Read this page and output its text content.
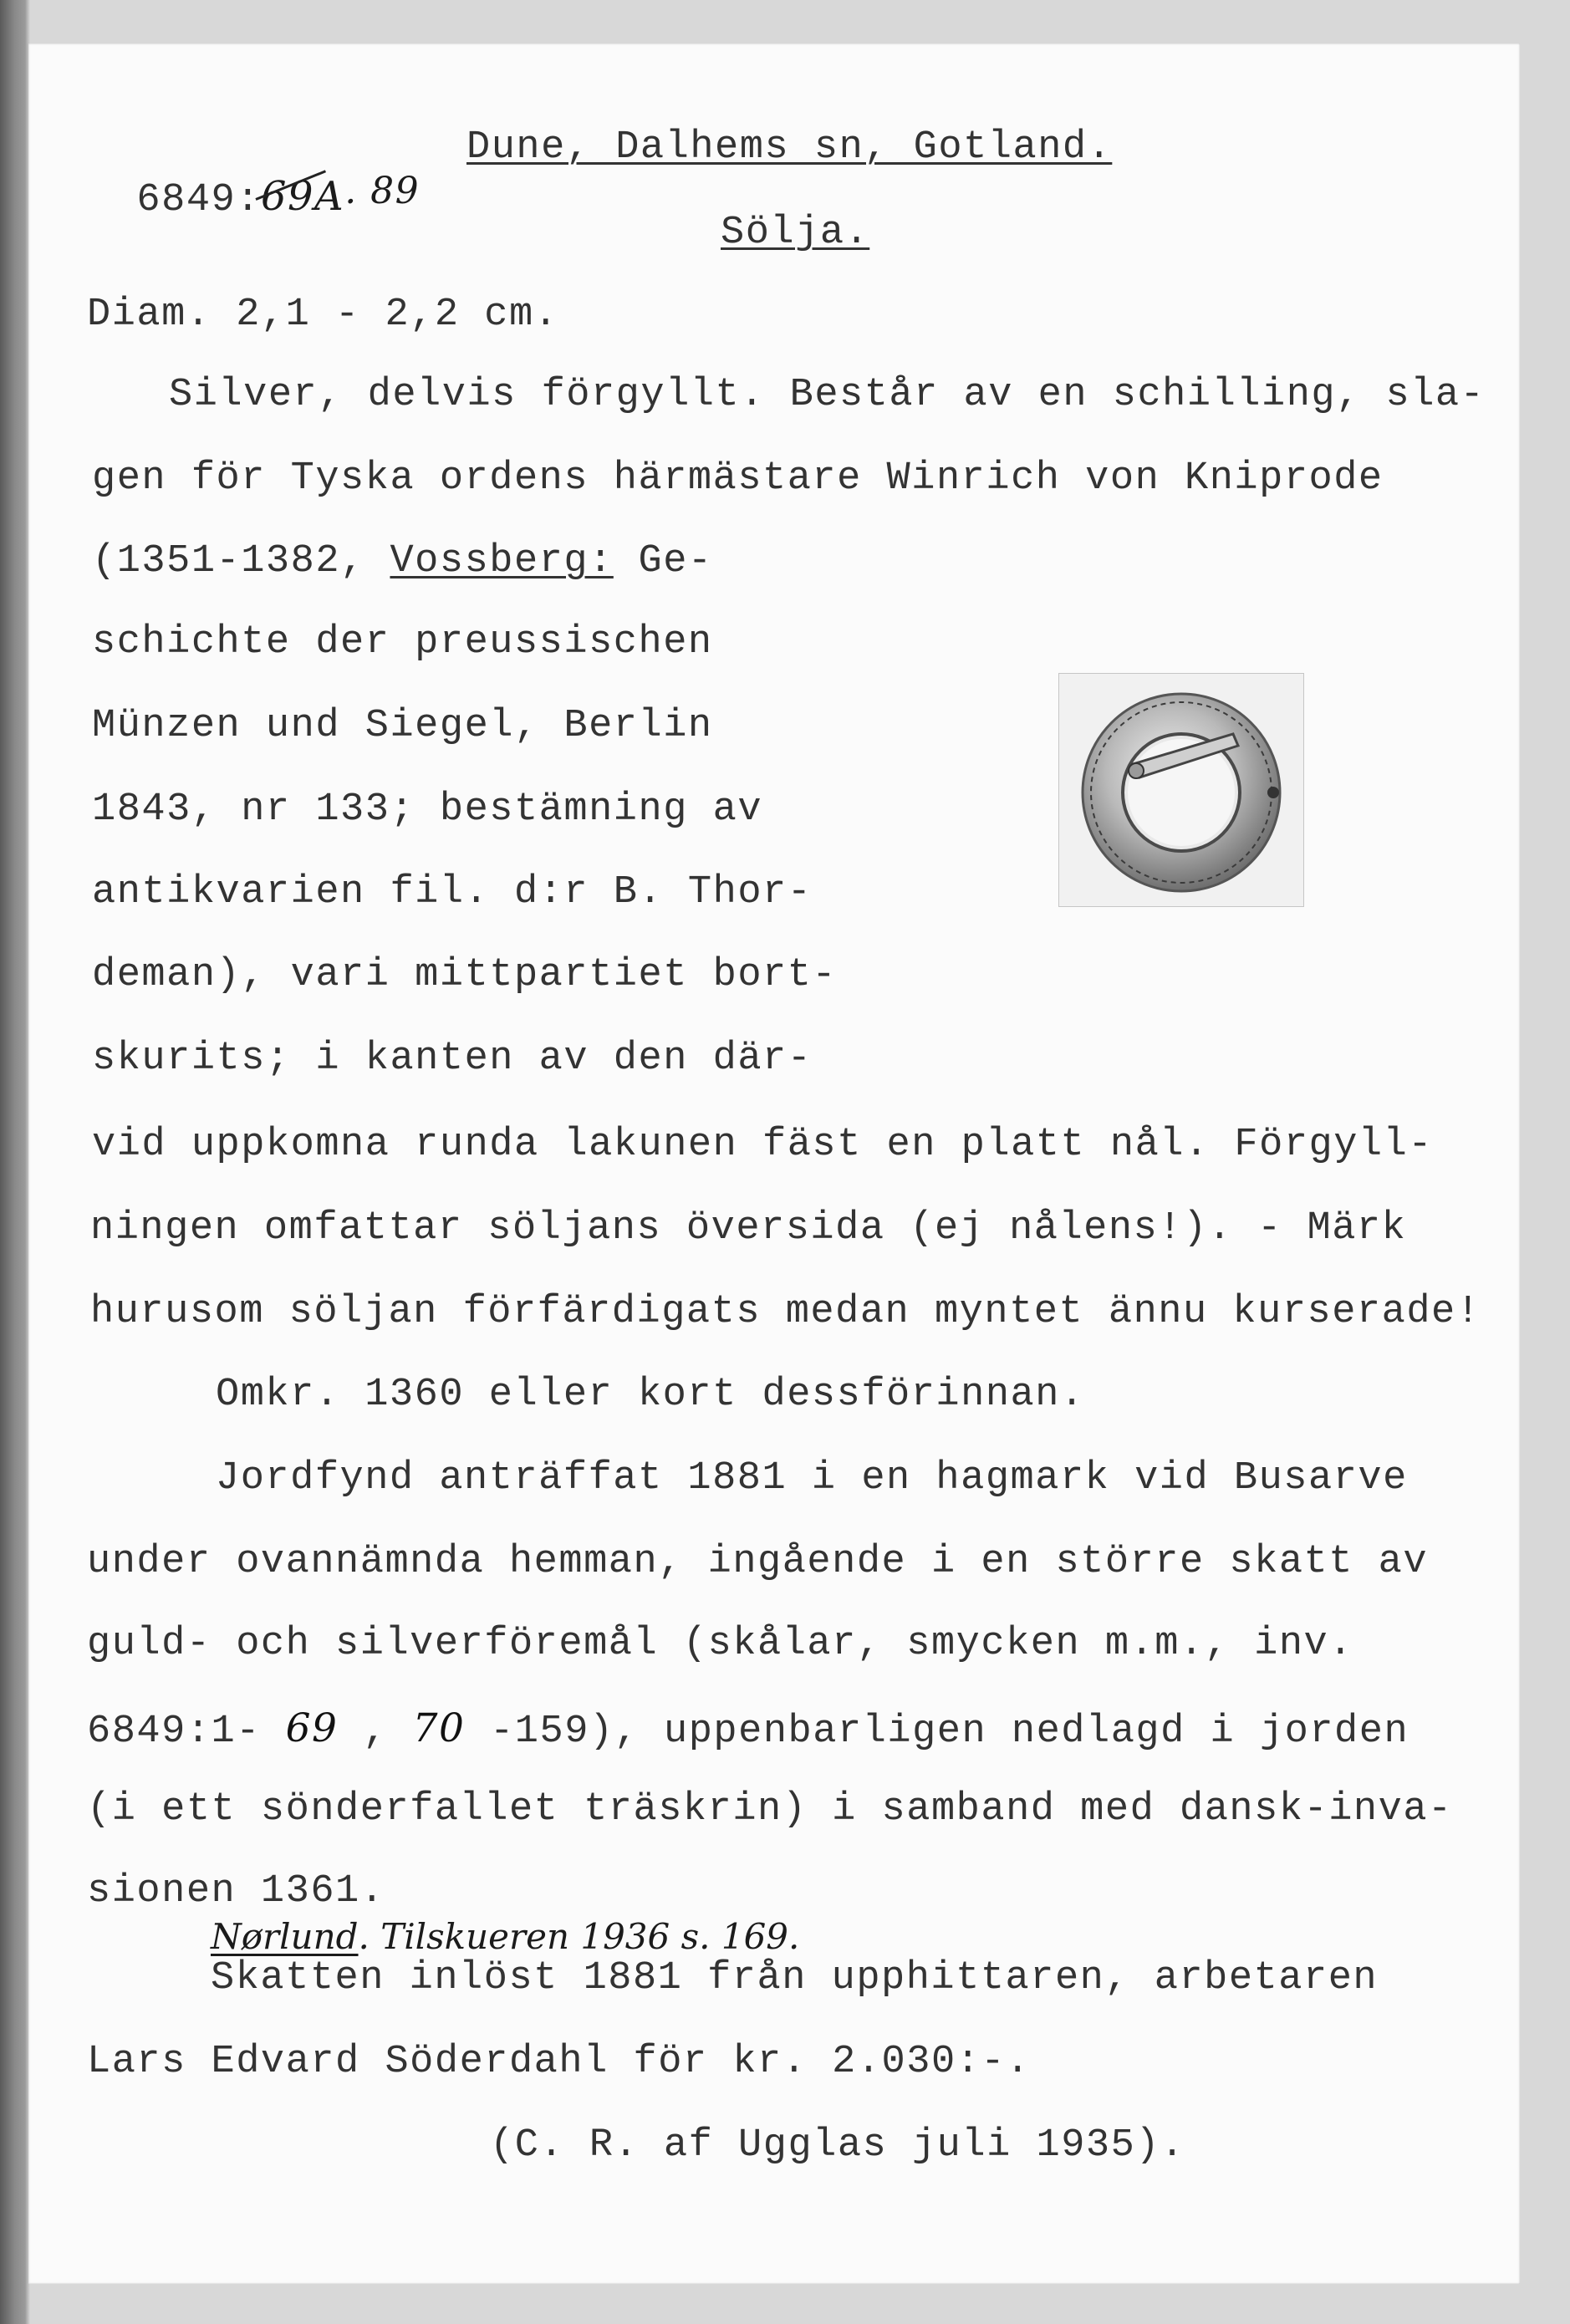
6849:69A
. 89

Dune, Dalhems sn, Gotland.
Sölja.
Diam. 2,1 - 2,2 cm.
Silver, delvis förgyllt. Består av en schilling, sla-
gen för Tyska ordens härmästare Winrich von Kniprode
(1351-1382, Vossberg: Ge-
schichte der preussischen
Münzen und Siegel, Berlin
1843, nr 133; bestämning av
antikvarien fil. d:r B. Thor-
deman), vari mittpartiet bort-
skurits; i kanten av den där-
vid uppkomna runda lakunen fäst en platt nål. Förgyll-
ningen omfattar söljans översida (ej nålens!). - Märk
hurusom söljan förfärdigats medan myntet ännu kurserade!
Omkr. 1360 eller kort dessförinnan.
Jordfynd anträffat 1881 i en hagmark vid Busarve
under ovannämnda hemman, ingående i en större skatt av
guld- och silverföremål (skålar, smycken m.m., inv.
6849:1- 69 , 70 -159), uppenbarligen nedlagd i jorden
(i ett sönderfallet träskrin) i samband med dansk-inva-
sionen 1361.
Nørlund. Tilskueren 1936 s. 169.
Skatten inlöst 1881 från upphittaren, arbetaren
Lars Edvard Söderdahl för kr. 2.030:-.
(C. R. af Ugglas juli 1935).
